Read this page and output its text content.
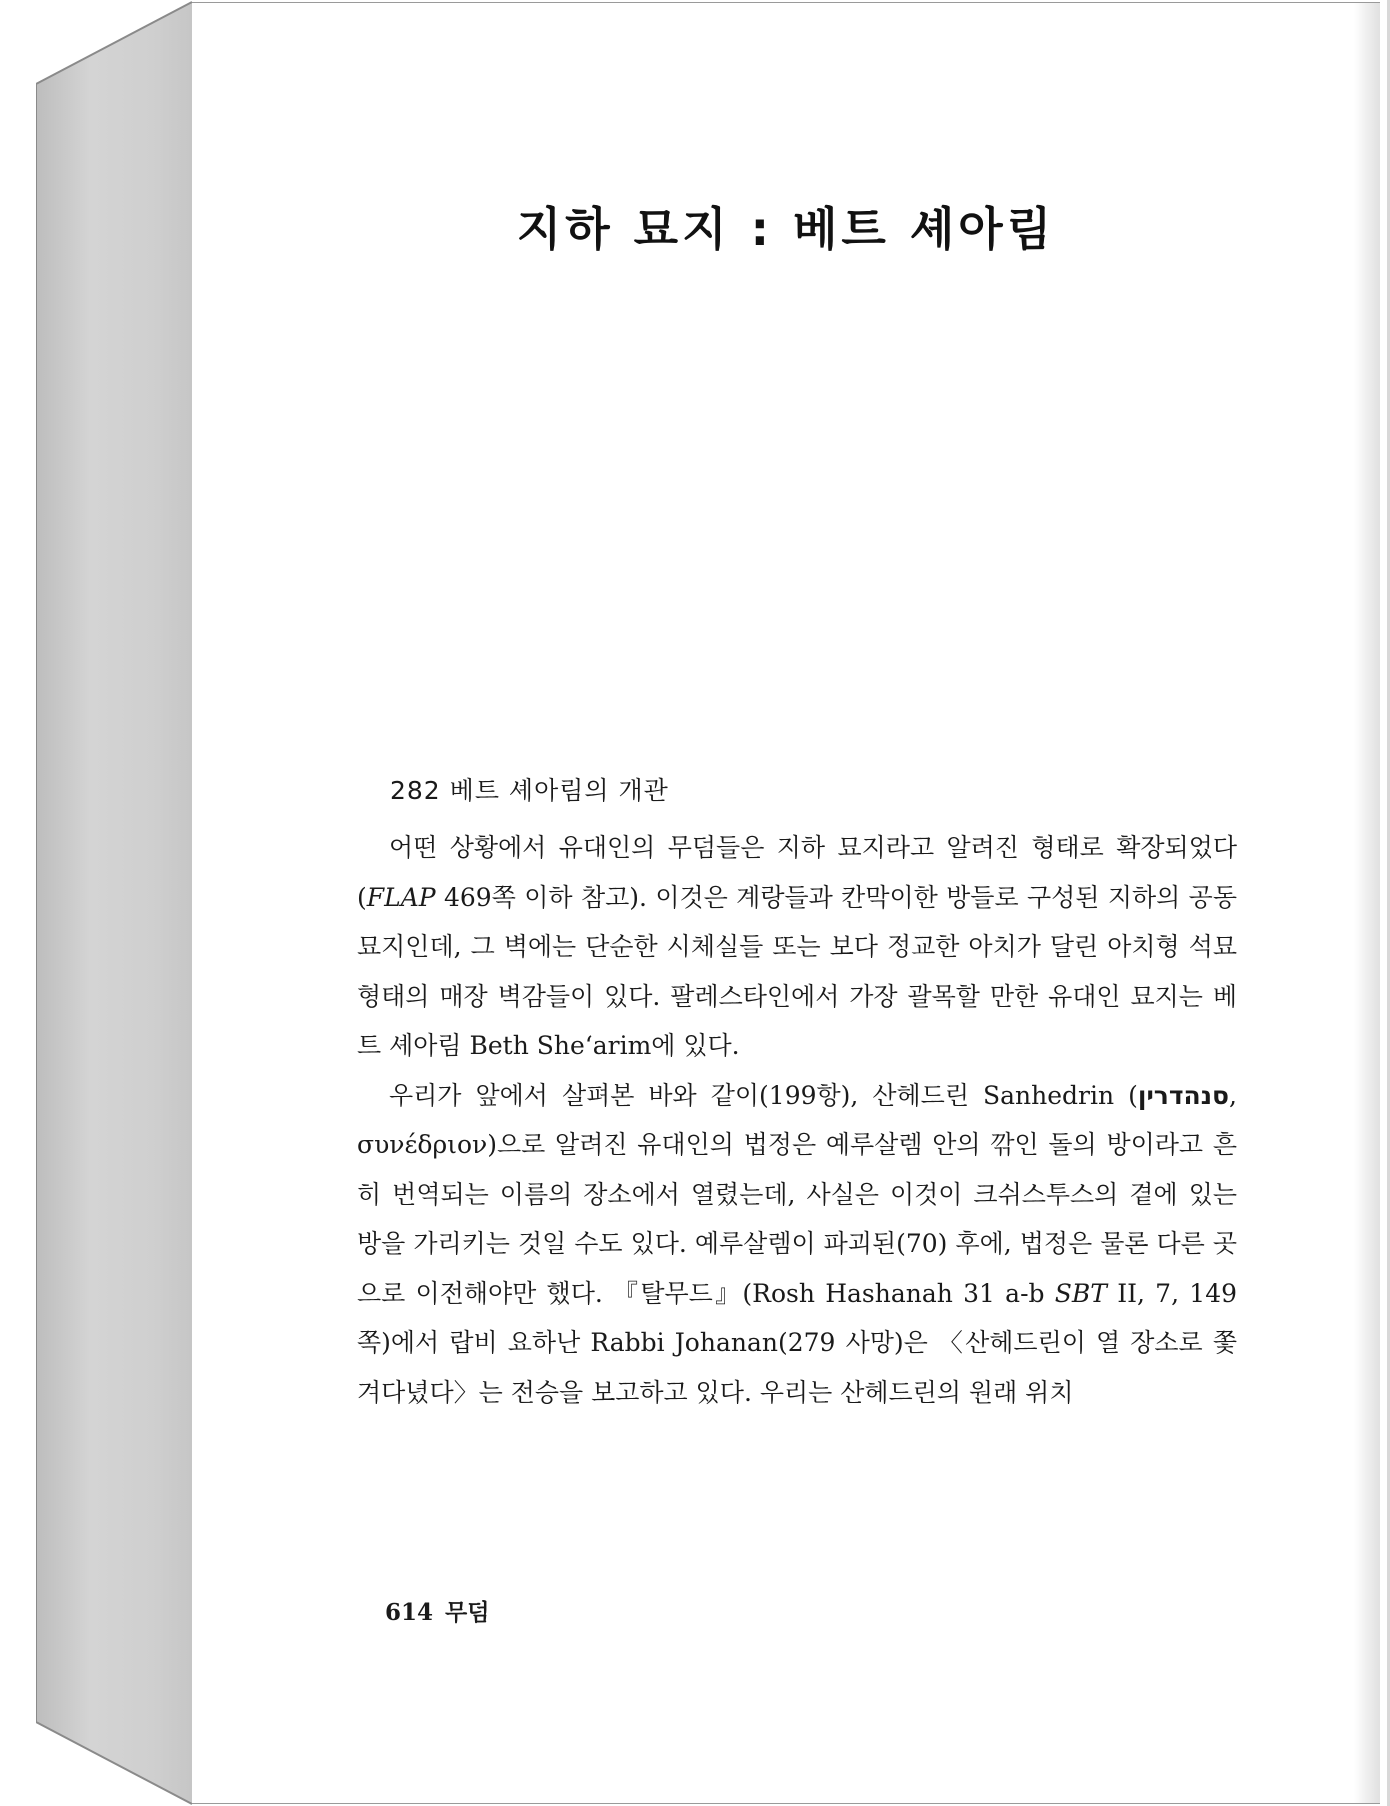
지하 묘지 : 베트 셰아림
282 베트 셰아림의 개관

어떤 상황에서 유대인의 무덤들은 지하 묘지라고 알려진 형태로 확장되었다(FLAP 469쪽 이하 참고). 이것은 계랑들과 칸막이한 방들로 구성된 지하의 공동 묘지인데, 그 벽에는 단순한 시체실들 또는 보다 정교한 아치가 달린 아치형 석묘 형태의 매장 벽감들이 있다. 팔레스타인에서 가장 괄목할 만한 유대인 묘지는 베트 셰아림 Beth She‘arim에 있다.

우리가 앞에서 살펴본 바와 같이(199항), 산헤드린 Sanhedrin (סנהדרין, συνέδριον)으로 알려진 유대인의 법정은 예루살렘 안의 깎인 돌의 방이라고 흔히 번역되는 이름의 장소에서 열렸는데, 사실은 이것이 크쉬스투스의 곁에 있는 방을 가리키는 것일 수도 있다. 예루살렘이 파괴된(70) 후에, 법정은 물론 다른 곳으로 이전해야만 했다. 『탈무드』(Rosh Hashanah 31 a-b SBT II, 7, 149쪽)에서 랍비 요하난 Rabbi Johanan(279 사망)은 〈산헤드린이 열 장소로 쫓겨다녔다〉는 전승을 보고하고 있다. 우리는 산헤드린의 원래 위치

614 무덤
